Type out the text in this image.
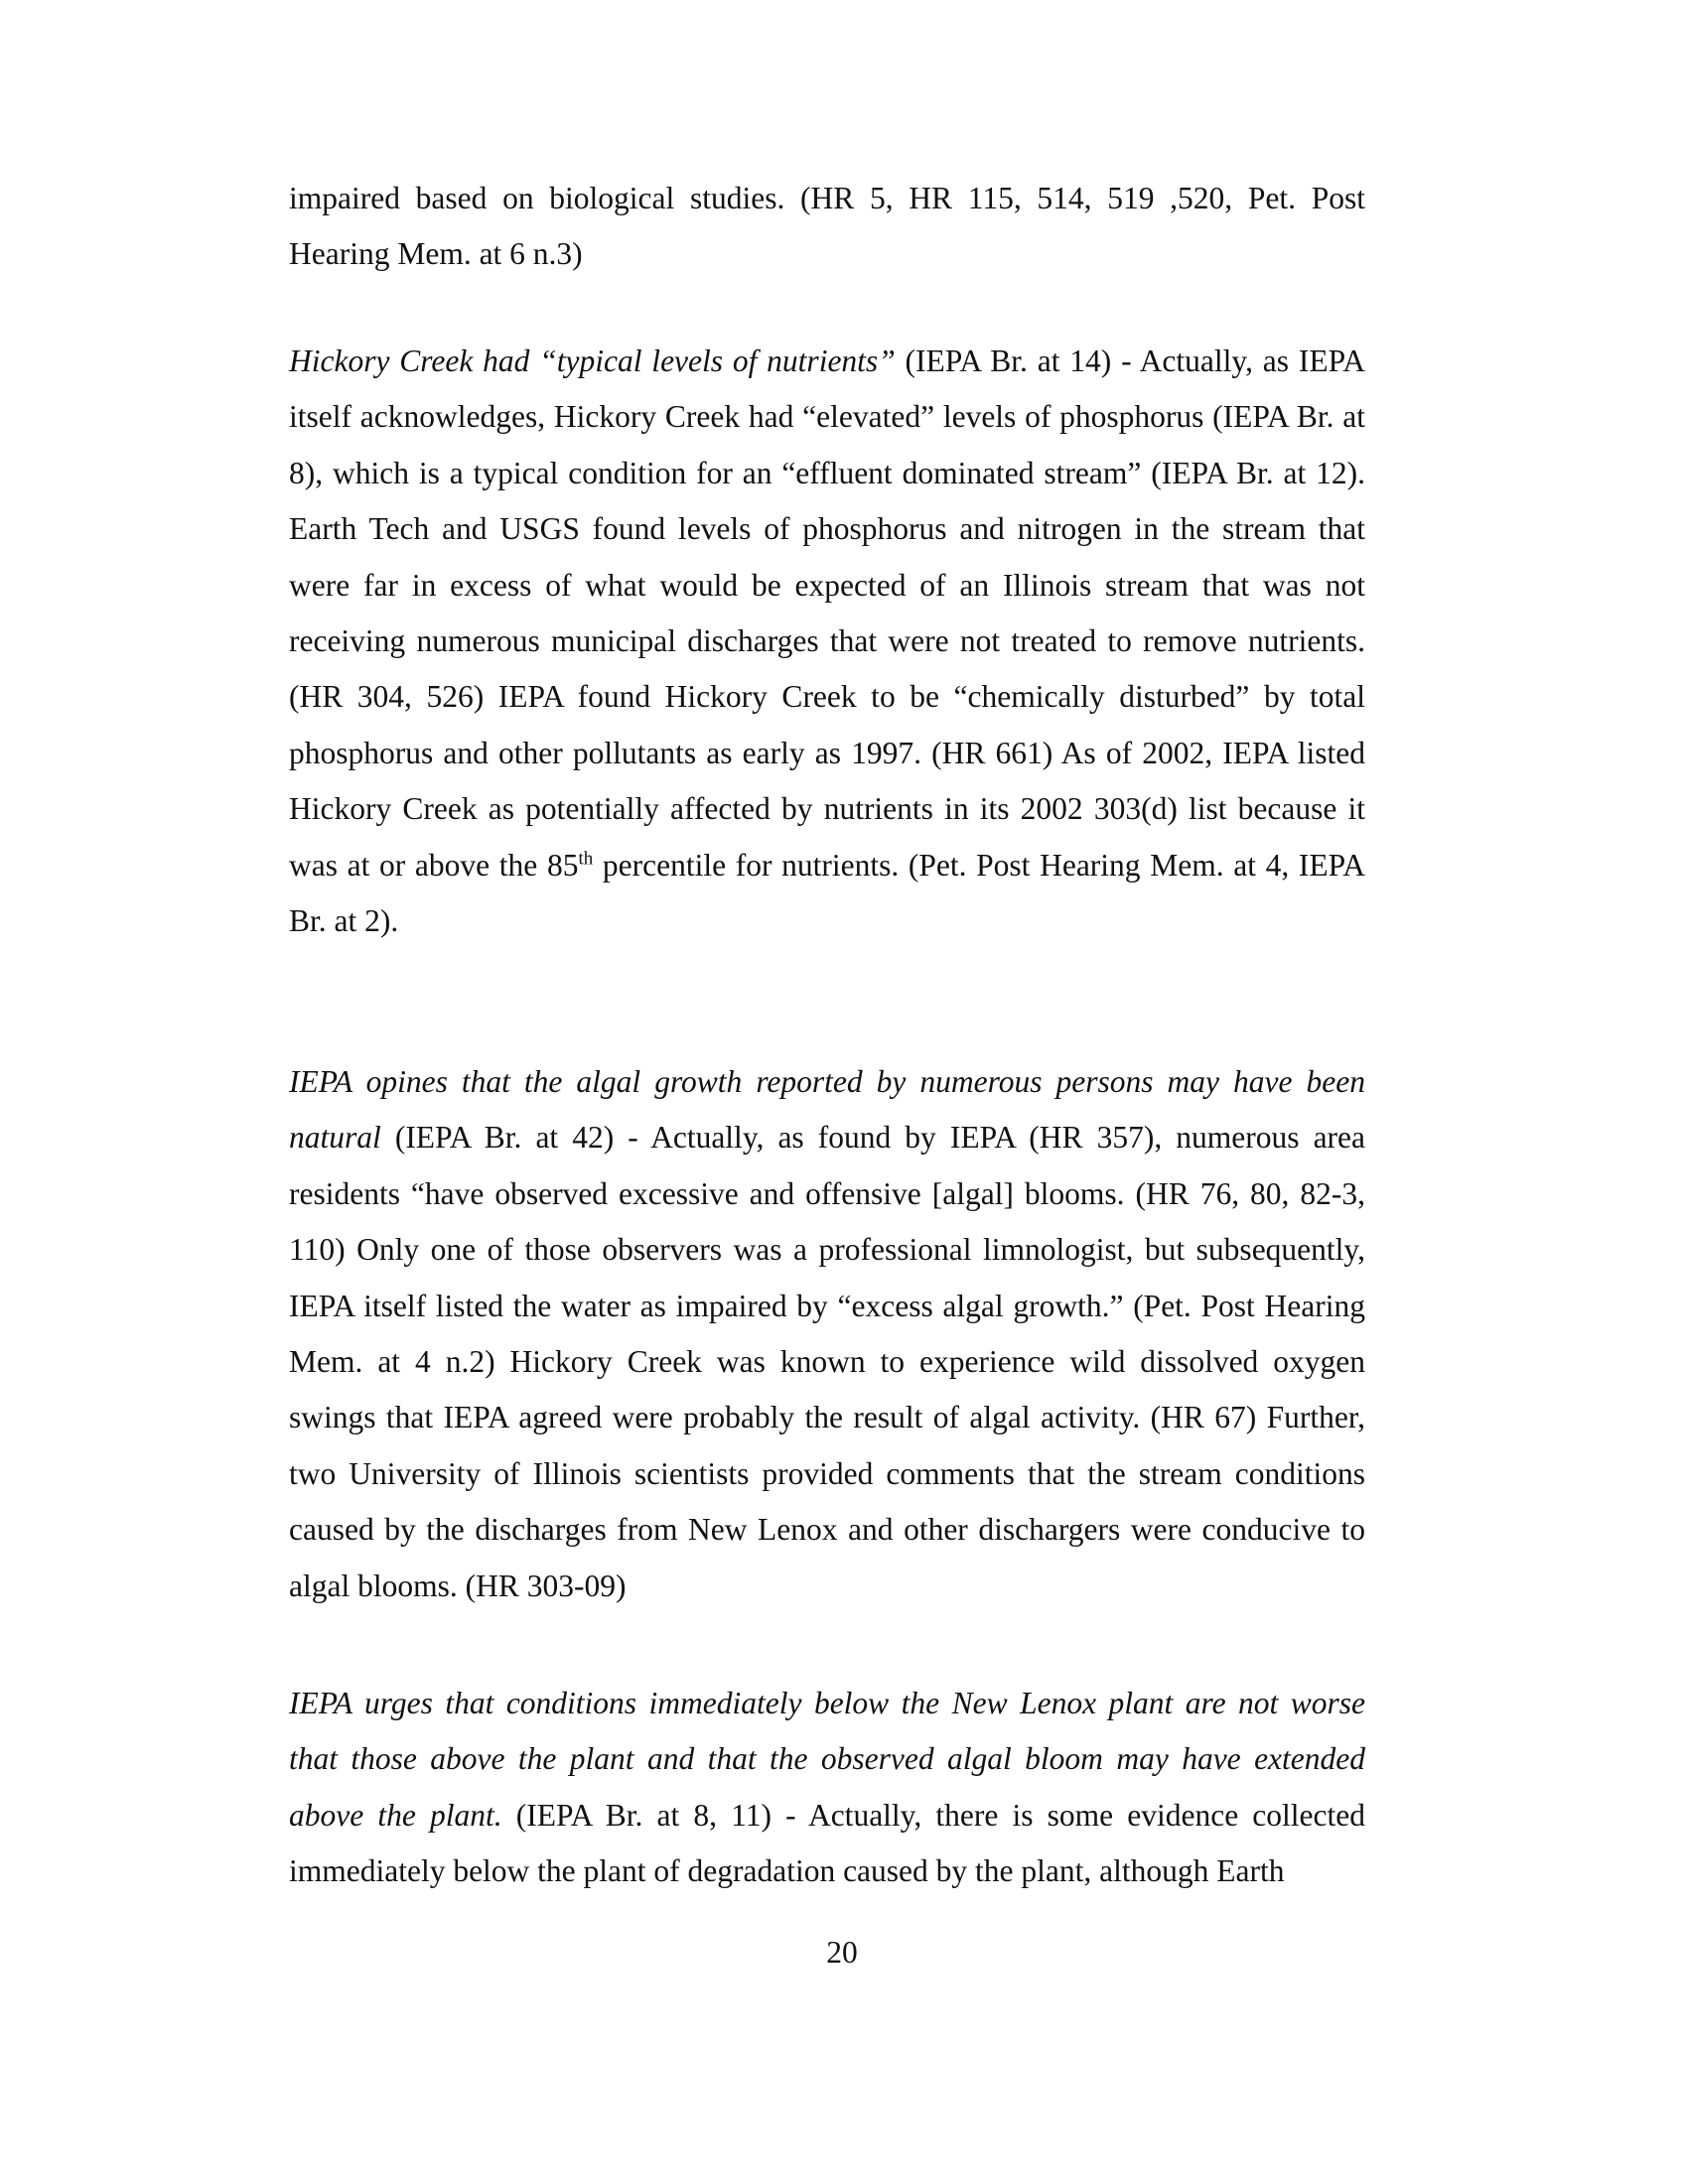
impaired based on biological studies. (HR 5, HR 115, 514, 519 ,520, Pet. Post Hearing Mem. at 6 n.3)

Hickory Creek had “typical levels of nutrients” (IEPA Br. at 14) - Actually, as IEPA itself acknowledges, Hickory Creek had “elevated” levels of phosphorus (IEPA Br. at 8), which is a typical condition for an “effluent dominated stream” (IEPA Br. at 12). Earth Tech and USGS found levels of phosphorus and nitrogen in the stream that were far in excess of what would be expected of an Illinois stream that was not receiving numerous municipal discharges that were not treated to remove nutrients. (HR 304, 526) IEPA found Hickory Creek to be “chemically disturbed” by total phosphorus and other pollutants as early as 1997. (HR 661) As of 2002, IEPA listed Hickory Creek as potentially affected by nutrients in its 2002 303(d) list because it was at or above the 85th percentile for nutrients. (Pet. Post Hearing Mem. at 4, IEPA Br. at 2).

IEPA opines that the algal growth reported by numerous persons may have been natural (IEPA Br. at 42) - Actually, as found by IEPA (HR 357), numerous area residents “have observed excessive and offensive [algal] blooms. (HR 76, 80, 82-3, 110) Only one of those observers was a professional limnologist, but subsequently, IEPA itself listed the water as impaired by “excess algal growth.” (Pet. Post Hearing Mem. at 4 n.2) Hickory Creek was known to experience wild dissolved oxygen swings that IEPA agreed were probably the result of algal activity. (HR 67) Further, two University of Illinois scientists provided comments that the stream conditions caused by the discharges from New Lenox and other dischargers were conducive to algal blooms. (HR 303-09)

IEPA urges that conditions immediately below the New Lenox plant are not worse that those above the plant and that the observed algal bloom may have extended above the plant. (IEPA Br. at 8, 11) - Actually, there is some evidence collected immediately below the plant of degradation caused by the plant, although Earth

20
